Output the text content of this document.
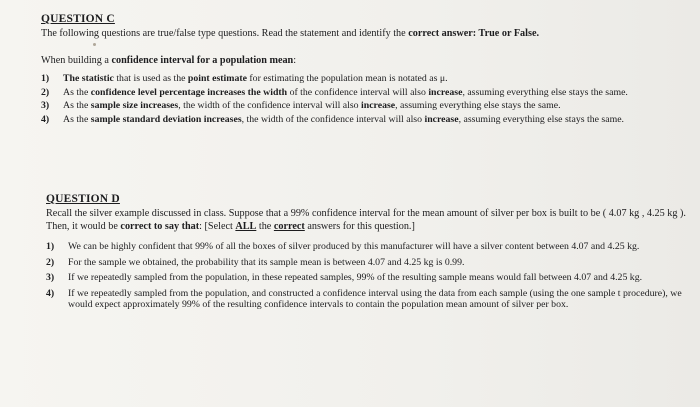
QUESTION C
The following questions are true/false type questions. Read the statement and identify the correct answer: True or False.
When building a confidence interval for a population mean:
1)	The statistic that is used as the point estimate for estimating the population mean is notated as μ.
2)	As the confidence level percentage increases the width of the confidence interval will also increase, assuming everything else stays the same.
3)	As the sample size increases, the width of the confidence interval will also increase, assuming everything else stays the same.
4)	As the sample standard deviation increases, the width of the confidence interval will also increase, assuming everything else stays the same.
QUESTION D
Recall the silver example discussed in class. Suppose that a 99% confidence interval for the mean amount of silver per box is built to be ( 4.07 kg , 4.25 kg ). Then, it would be correct to say that: [Select ALL the correct answers for this question.]
1)	We can be highly confident that 99% of all the boxes of silver produced by this manufacturer will have a silver content between 4.07 and 4.25 kg.
2)	For the sample we obtained, the probability that its sample mean is between 4.07 and 4.25 kg is 0.99.
3)	If we repeatedly sampled from the population, in these repeated samples, 99% of the resulting sample means would fall between 4.07 and 4.25 kg.
4)	If we repeatedly sampled from the population, and constructed a confidence interval using the data from each sample (using the one sample t procedure), we would expect approximately 99% of the resulting confidence intervals to contain the population mean amount of silver per box.
